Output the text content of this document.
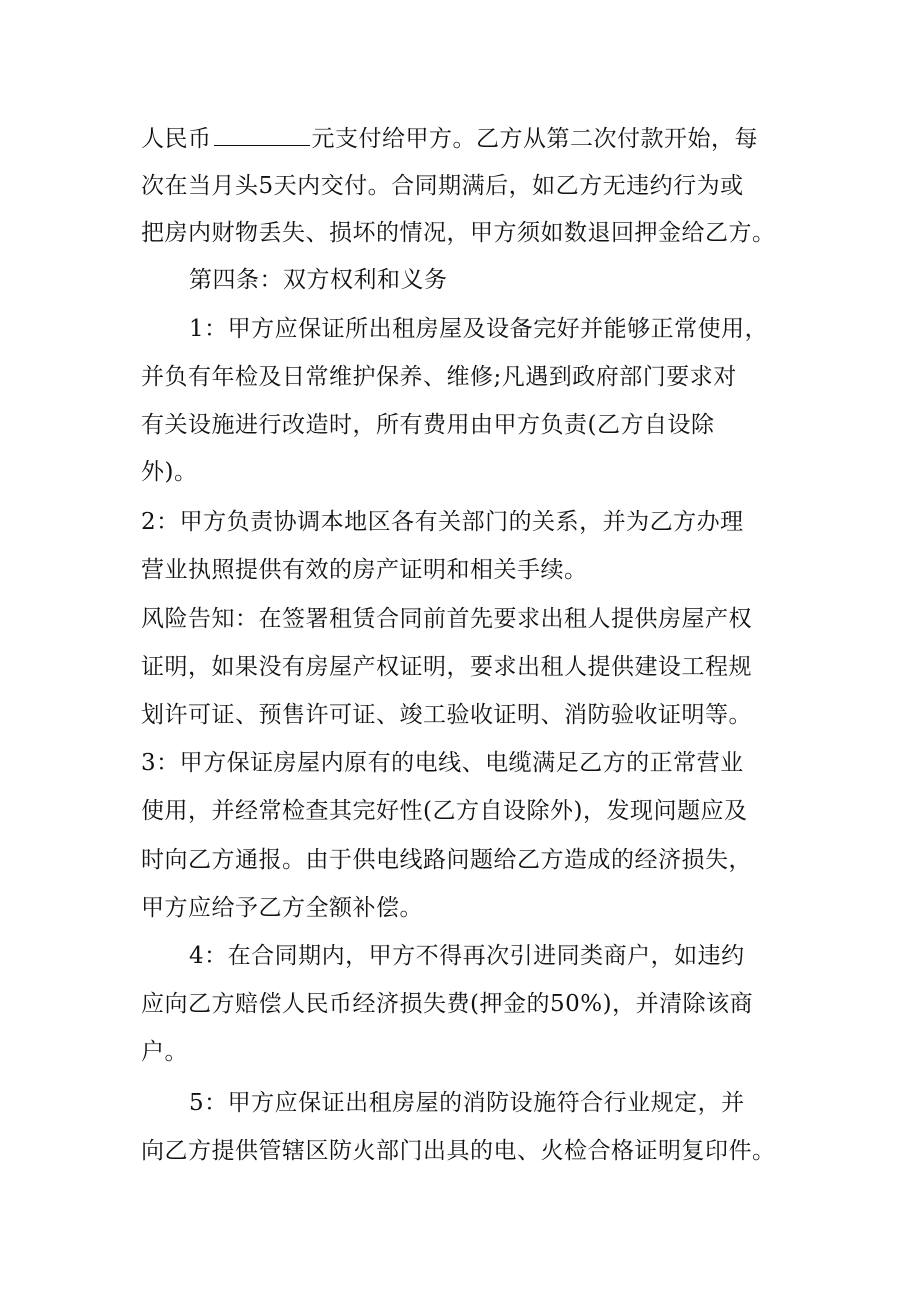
人民币	元支付给甲方。乙方从第二次付款开始，每
次在当月头5天内交付。合同期满后，如乙方无违约行为或
把房内财物丢失、损坏的情况，甲方须如数退回押金给乙方。
第四条：双方权利和义务
1：甲方应保证所出租房屋及设备完好并能够正常使用，
并负有年检及日常维护保养、维修;凡遇到政府部门要求对
有关设施进行改造时，所有费用由甲方负责(乙方自设除
外)。
2：甲方负责协调本地区各有关部门的关系，并为乙方办理
营业执照提供有效的房产证明和相关手续。
风险告知：在签署租赁合同前首先要求出租人提供房屋产权
证明，如果没有房屋产权证明，要求出租人提供建设工程规
划许可证、预售许可证、竣工验收证明、消防验收证明等。
3：甲方保证房屋内原有的电线、电缆满足乙方的正常营业
使用，并经常检查其完好性(乙方自设除外)，发现问题应及
时向乙方通报。由于供电线路问题给乙方造成的经济损失，
甲方应给予乙方全额补偿。
4：在合同期内，甲方不得再次引进同类商户，如违约
应向乙方赔偿人民币经济损失费(押金的50%)，并清除该商
户。
5：甲方应保证出租房屋的消防设施符合行业规定，并
向乙方提供管辖区防火部门出具的电、火检合格证明复印件。
